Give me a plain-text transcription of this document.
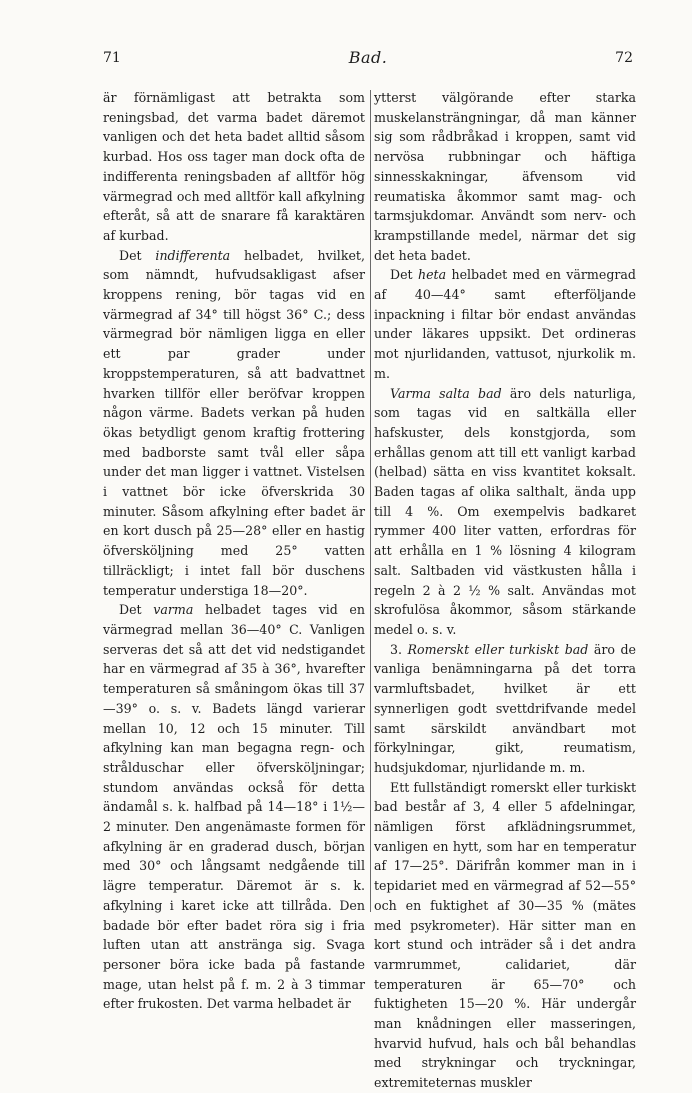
71	Bad.	72

är förnämligast att betrakta som reningsbad, det varma badet däremot vanligen och det heta badet alltid såsom kurbad. Hos oss tager man dock ofta de indifferenta reningsbaden af alltför hög värmegrad och med alltför kall afkylning efteråt, så att de snarare få karaktären af kurbad.

Det indifferenta helbadet, hvilket, som nämndt, hufvudsakligast afser kroppens rening, bör tagas vid en värmegrad af 34° till högst 36° C.; dess värmegrad bör nämligen ligga en eller ett par grader under kroppstemperaturen, så att badvattnet hvarken tillför eller beröfvar kroppen någon värme. Badets verkan på huden ökas betydligt genom kraftig frottering med badborste samt tvål eller såpa under det man ligger i vattnet. Vistelsen i vattnet bör icke öfverskrida 30 minuter. Såsom afkylning efter badet är en kort dusch på 25—28° eller en hastig öfversköljning med 25° vatten tillräckligt; i intet fall bör duschens temperatur understiga 18—20°.

Det varma helbadet tages vid en värmegrad mellan 36—40° C. Vanligen serveras det så att det vid nedstigandet har en värmegrad af 35 à 36°, hvarefter temperaturen så småningom ökas till 37—39° o. s. v. Badets längd varierar mellan 10, 12 och 15 minuter. Till afkylning kan man begagna regn- och strålduschar eller öfversköljningar; stundom användas också för detta ändamål s. k. halfbad på 14—18° i 1½—2 minuter. Den angenämaste formen för afkylning är en graderad dusch, början med 30° och långsamt nedgående till lägre temperatur. Däremot är s. k. afkylning i karet icke att tillråda. Den badade bör efter badet röra sig i fria luften utan att anstränga sig. Svaga personer böra icke bada på fastande mage, utan helst på f. m. 2 à 3 timmar efter frukosten. Det varma helbadet är

ytterst välgörande efter starka muskelansträngningar, då man känner sig som rådbråkad i kroppen, samt vid nervösa rubbningar och häftiga sinnesskakningar, äfvensom vid reumatiska åkommor samt mag- och tarmsjukdomar. Användt som nerv- och krampstillande medel, närmar det sig det heta badet.

Det heta helbadet med en värmegrad af 40—44° samt efterföljande inpackning i filtar bör endast användas under läkares uppsikt. Det ordineras mot njurlidanden, vattusot, njurkolik m. m.

Varma salta bad äro dels naturliga, som tagas vid en saltkälla eller hafskuster, dels konstgjorda, som erhållas genom att till ett vanligt karbad (helbad) sätta en viss kvantitet koksalt. Baden tagas af olika salthalt, ända upp till 4 %. Om exempelvis badkaret rymmer 400 liter vatten, erfordras för att erhålla en 1 % lösning 4 kilogram salt. Saltbaden vid västkusten hålla i regeln 2 à 2 ½ % salt. Användas mot skrofulösa åkommor, såsom stärkande medel o. s. v.

3. Romerskt eller turkiskt bad äro de vanliga benämningarna på det torra varmluftsbadet, hvilket är ett synnerligen godt svettdrifvande medel samt särskildt användbart mot förkylningar, gikt, reumatism, hudsjukdomar, njurlidande m. m.

Ett fullständigt romerskt eller turkiskt bad består af 3, 4 eller 5 afdelningar, nämligen först afklädningsrummet, vanligen en hytt, som har en temperatur af 17—25°. Därifrån kommer man in i tepidariet med en värmegrad af 52—55° och en fuktighet af 30—35 % (mätes med psykrometer). Här sitter man en kort stund och inträder så i det andra varmrummet, calidariet, där temperaturen är 65—70° och fuktigheten 15—20 %. Här undergår man knådningen eller masseringen, hvarvid hufvud, hals och bål behandlas med strykningar och tryckningar, extremiteternas muskler
